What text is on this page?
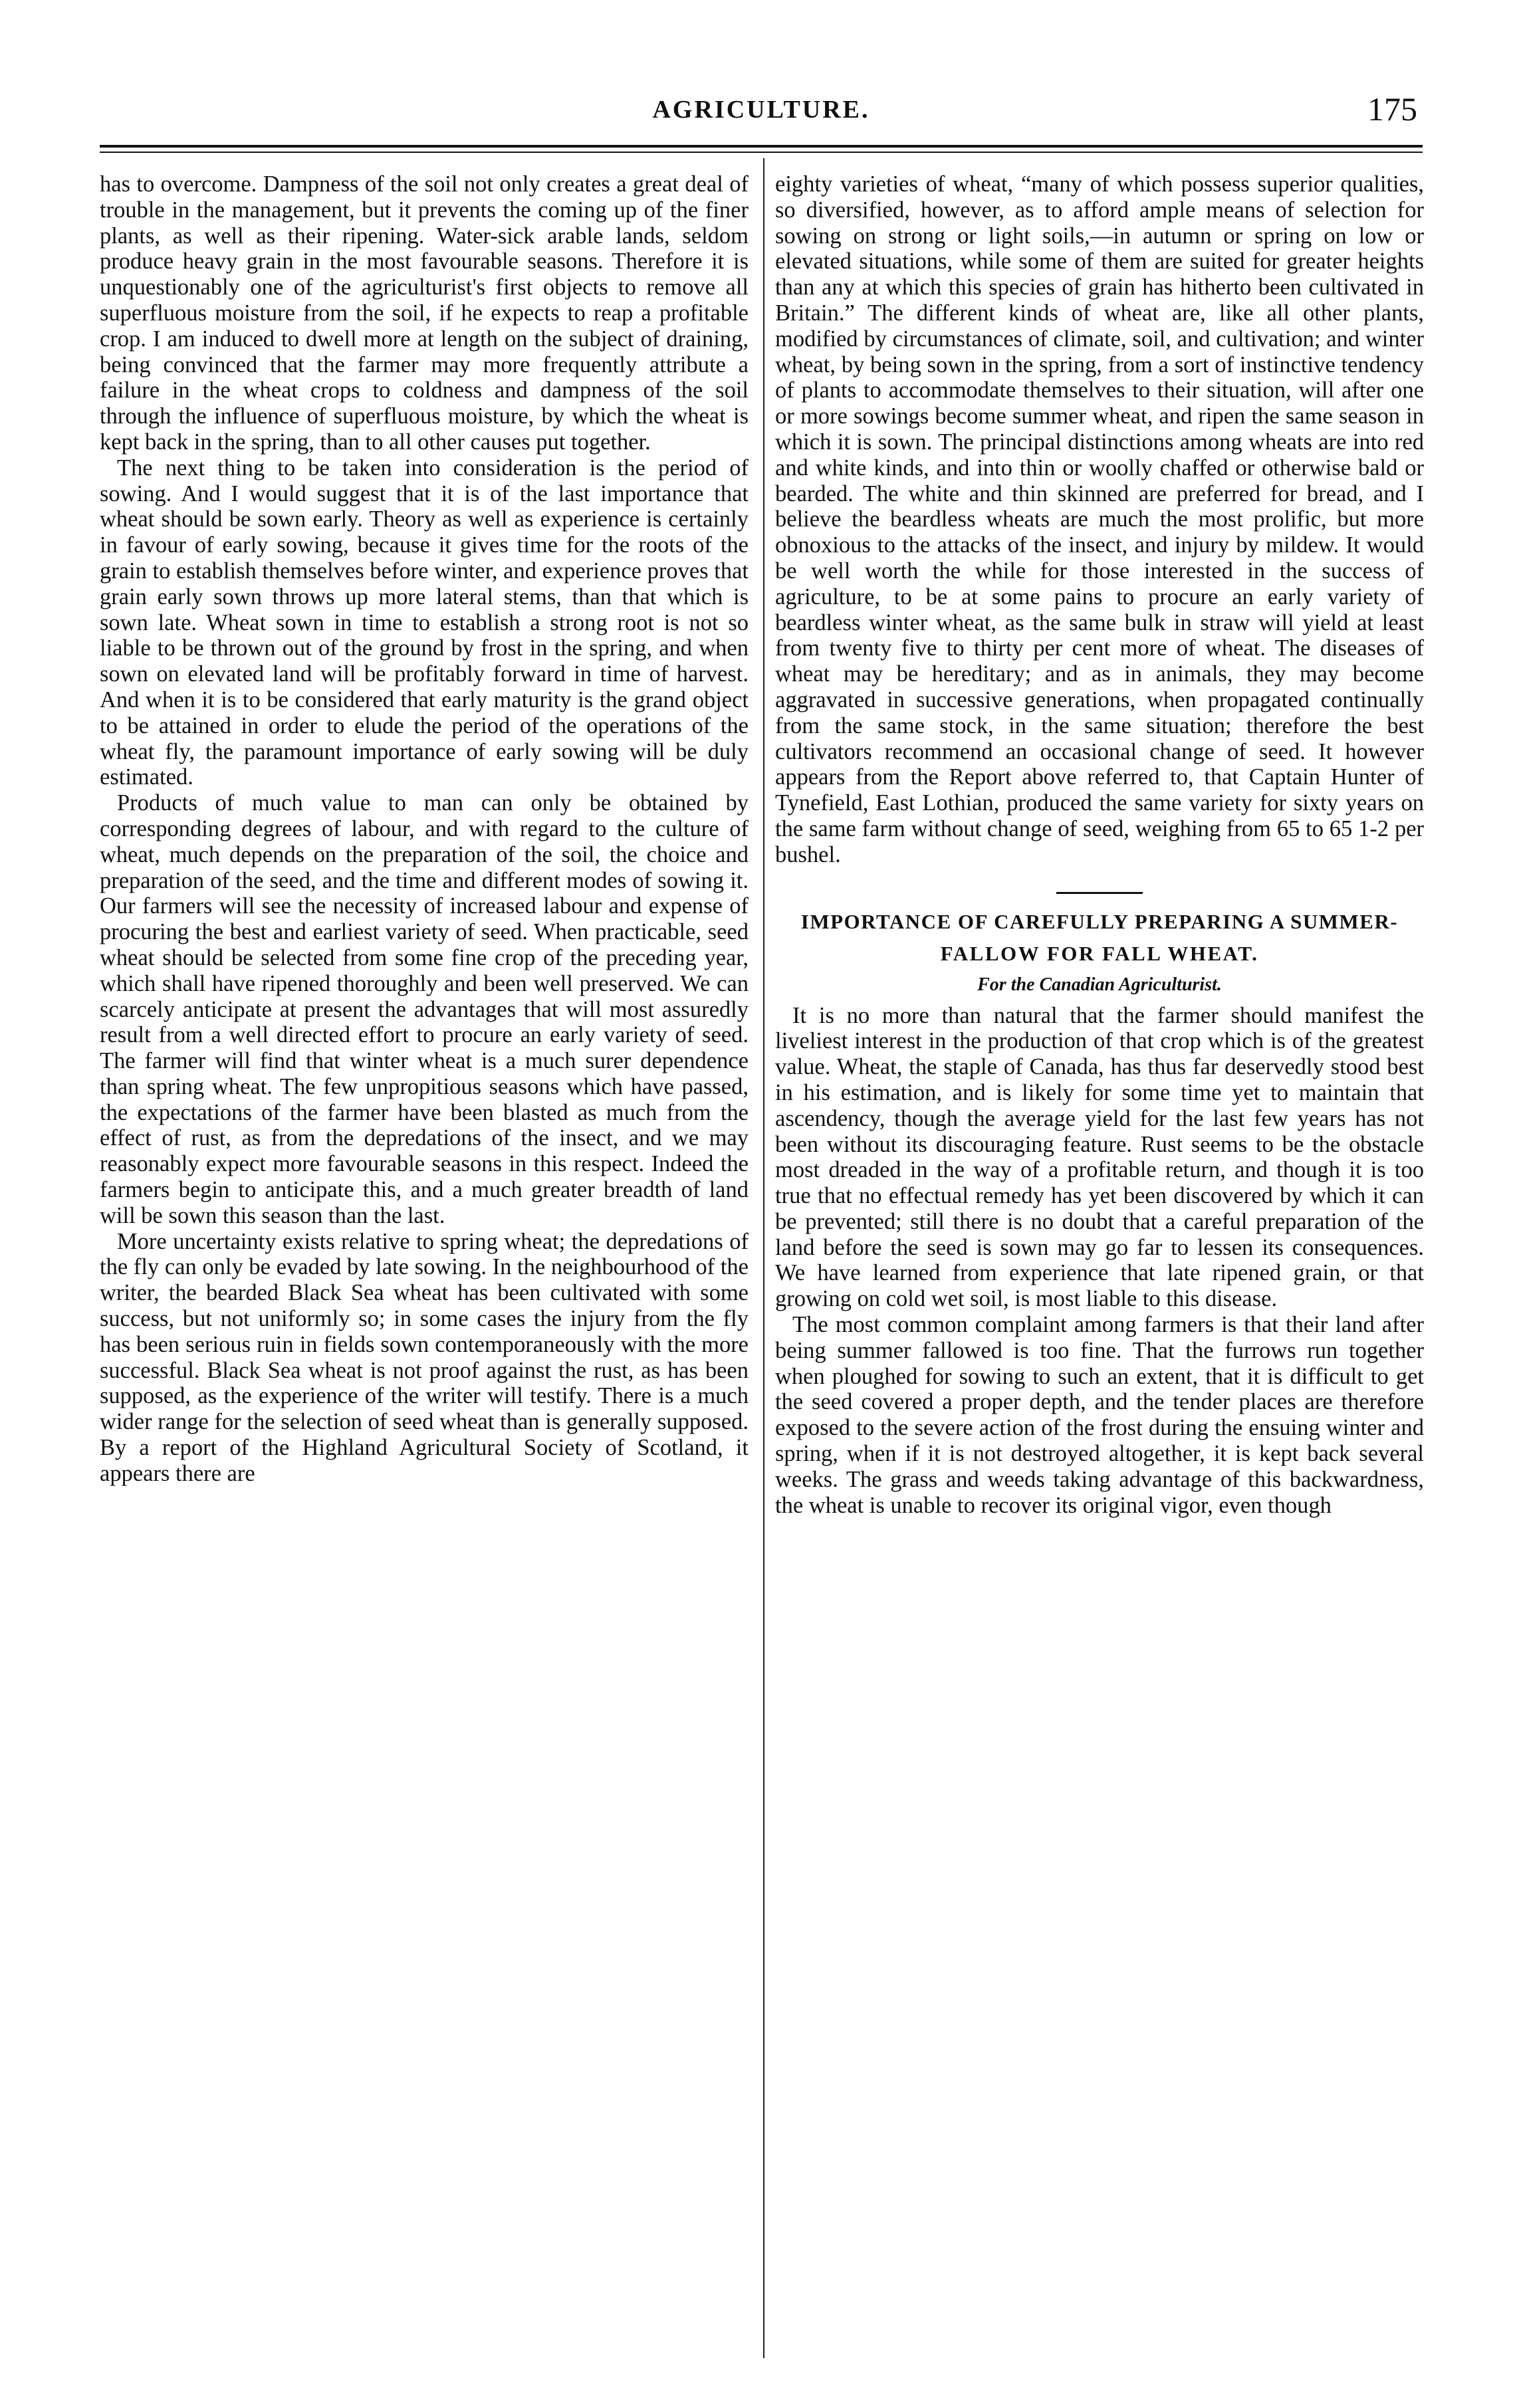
AGRICULTURE.	175

has to overcome. Dampness of the soil not only creates a great deal of trouble in the management, but it prevents the coming up of the finer plants, as well as their ripening. Water-sick arable lands, seldom produce heavy grain in the most favourable seasons. Therefore it is unquestionably one of the agriculturist's first objects to remove all superfluous moisture from the soil, if he expects to reap a profitable crop. I am induced to dwell more at length on the subject of draining, being convinced that the farmer may more frequently attribute a failure in the wheat crops to coldness and dampness of the soil through the influence of superfluous moisture, by which the wheat is kept back in the spring, than to all other causes put together.

The next thing to be taken into consideration is the period of sowing. And I would suggest that it is of the last importance that wheat should be sown early. Theory as well as experience is certainly in favour of early sowing, because it gives time for the roots of the grain to establish themselves before winter, and experience proves that grain early sown throws up more lateral stems, than that which is sown late. Wheat sown in time to establish a strong root is not so liable to be thrown out of the ground by frost in the spring, and when sown on elevated land will be profitably forward in time of harvest. And when it is to be considered that early maturity is the grand object to be attained in order to elude the period of the operations of the wheat fly, the paramount importance of early sowing will be duly estimated.

Products of much value to man can only be obtained by corresponding degrees of labour, and with regard to the culture of wheat, much depends on the preparation of the soil, the choice and preparation of the seed, and the time and different modes of sowing it. Our farmers will see the necessity of increased labour and expense of procuring the best and earliest variety of seed. When practicable, seed wheat should be selected from some fine crop of the preceding year, which shall have ripened thoroughly and been well preserved. We can scarcely anticipate at present the advantages that will most assuredly result from a well directed effort to procure an early variety of seed. The farmer will find that winter wheat is a much surer dependence than spring wheat. The few unpropitious seasons which have passed, the expectations of the farmer have been blasted as much from the effect of rust, as from the depredations of the insect, and we may reasonably expect more favourable seasons in this respect. Indeed the farmers begin to anticipate this, and a much greater breadth of land will be sown this season than the last.

More uncertainty exists relative to spring wheat; the depredations of the fly can only be evaded by late sowing. In the neighbourhood of the writer, the bearded Black Sea wheat has been cultivated with some success, but not uniformly so; in some cases the injury from the fly has been serious ruin in fields sown contemporaneously with the more successful. Black Sea wheat is not proof against the rust, as has been supposed, as the experience of the writer will testify. There is a much wider range for the selection of seed wheat than is generally supposed. By a report of the Highland Agricultural Society of Scotland, it appears there are

eighty varieties of wheat, “many of which possess superior qualities, so diversified, however, as to afford ample means of selection for sowing on strong or light soils,—in autumn or spring on low or elevated situations, while some of them are suited for greater heights than any at which this species of grain has hitherto been cultivated in Britain.” The different kinds of wheat are, like all other plants, modified by circumstances of climate, soil, and cultivation; and winter wheat, by being sown in the spring, from a sort of instinctive tendency of plants to accommodate themselves to their situation, will after one or more sowings become summer wheat, and ripen the same season in which it is sown. The principal distinctions among wheats are into red and white kinds, and into thin or woolly chaffed or otherwise bald or bearded. The white and thin skinned are preferred for bread, and I believe the beardless wheats are much the most prolific, but more obnoxious to the attacks of the insect, and injury by mildew. It would be well worth the while for those interested in the success of agriculture, to be at some pains to procure an early variety of beardless winter wheat, as the same bulk in straw will yield at least from twenty five to thirty per cent more of wheat. The diseases of wheat may be hereditary; and as in animals, they may become aggravated in successive generations, when propagated continually from the same stock, in the same situation; therefore the best cultivators recommend an occasional change of seed. It however appears from the Report above referred to, that Captain Hunter of Tynefield, East Lothian, produced the same variety for sixty years on the same farm without change of seed, weighing from 65 to 65 1-2 per bushel.

IMPORTANCE OF CAREFULLY PREPARING A SUMMER-

FALLOW FOR FALL WHEAT.

For the Canadian Agriculturist.

It is no more than natural that the farmer should manifest the liveliest interest in the production of that crop which is of the greatest value. Wheat, the staple of Canada, has thus far deservedly stood best in his estimation, and is likely for some time yet to maintain that ascendency, though the average yield for the last few years has not been without its discouraging feature. Rust seems to be the obstacle most dreaded in the way of a profitable return, and though it is too true that no effectual remedy has yet been discovered by which it can be prevented; still there is no doubt that a careful preparation of the land before the seed is sown may go far to lessen its consequences. We have learned from experience that late ripened grain, or that growing on cold wet soil, is most liable to this disease.

The most common complaint among farmers is that their land after being summer fallowed is too fine. That the furrows run together when ploughed for sowing to such an extent, that it is difficult to get the seed covered a proper depth, and the tender places are therefore exposed to the severe action of the frost during the ensuing winter and spring, when if it is not destroyed altogether, it is kept back several weeks. The grass and weeds taking advantage of this backwardness, the wheat is unable to recover its original vigor, even though
